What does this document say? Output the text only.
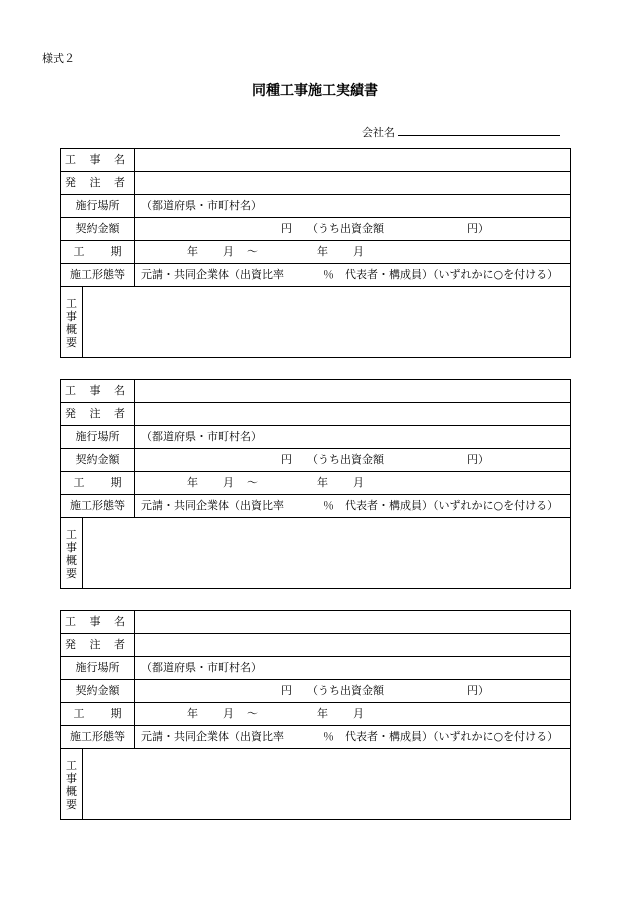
様式２
同種工事施工実績書
会社名
工 事 名
発 注 者
施行場所	（都道府県・市町村名）
契約金額	円 （うち出資金額	円）
工 期	年 月 ～	年 月
施工形態等	元請・共同企業体（出資比率	％ 代表者・構成員）（いずれかに○を付ける）
工事概要
工 事 名
発 注 者
施行場所	（都道府県・市町村名）
契約金額	円 （うち出資金額	円）
工 期	年 月 ～	年 月
施工形態等	元請・共同企業体（出資比率	％ 代表者・構成員）（いずれかに○を付ける）
工事概要
工 事 名
発 注 者
施行場所	（都道府県・市町村名）
契約金額	円 （うち出資金額	円）
工 期	年 月 ～	年 月
施工形態等	元請・共同企業体（出資比率	％ 代表者・構成員）（いずれかに○を付ける）
工事概要
